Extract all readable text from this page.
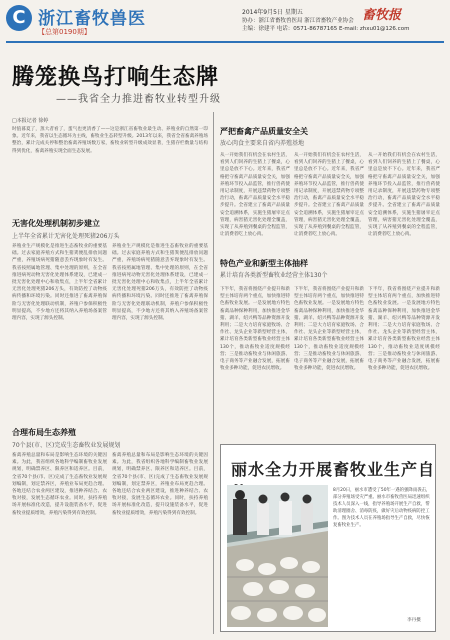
C 浙江畜牧兽医
【总第0190期】
2014年9月5日 星期五	畜牧报
协办：浙江省畜牧兽医局 浙江省畜牧产业协会
主编：徐建平 电话：0571-86787165 E-mail: zhxu01@126.com
腾笼换鸟打响生态牌
——我省全力推进畜牧业转型升级
□本报记者 徐婷
时值暮夏了，蒸大者看了，蛋气也更清香了——这是浙江省畜牧业最生动、养殖业的自然第一印象。近年来，我省以生态循环为主线，畜牧业生态转型升级。2013年以来，我省全省畜禽养殖场整治，累计完成关停和整治畜禽养殖场数万家，畜牧业转型升级成效显著，生猪存栏数量与结构得到优化，畜禽养殖实现全面生态发展。
无害化处理机制初步建立
上半年全省累计无害化处理死猪206万头
养殖业生产规模化是推进生态畜牧业的重要基础。过去家庭养殖方式和生猪粪便乱排放问题严重，养殖场病死猪随意丢弃现象时有发生。我省按照属地管理、集中处理的原则，在全省推进病死动物无害化处理体系建设，已建成一批无害化处理中心和收集点，上半年全省累计无害化处理死猪206万头，有效防控了动物疫病传播和环境污染。同时还推进了畜禽养殖保险与无害化处理联动机制，养殖户参保积极性明显提高，不少地方还将其纳入养殖场备案管理内容，实现了源头控制。
养殖业生产规模化是推进生态畜牧业的重要基础。过去家庭养殖方式和生猪粪便乱排放问题严重，养殖场病死猪随意丢弃现象时有发生。我省按照属地管理、集中处理的原则，在全省推进病死动物无害化处理体系建设，已建成一批无害化处理中心和收集点，上半年全省累计无害化处理死猪206万头，有效防控了动物疫病传播和环境污染。同时还推进了畜禽养殖保险与无害化处理联动机制，养殖户参保积极性明显提高，不少地方还将其纳入养殖场备案管理内容，实现了源头控制。
合理布局生态养殖
70个县(市、区)完成生态畜牧业发展规划
畜禽养殖总量和布局是影响生态环境的关键因素。为此，我省组织各地科学编制畜牧业发展规划，明确禁养区、限养区和适养区。目前，全省70个县(市、区)完成了生态畜牧业发展规划编制，划定禁养区，养殖业布局更趋合理。各地还结合农业两区建设，推进种养结合、农牧对接，发展生态循环农业。同时，扶持养殖场开展标准化改造，提升设施装备水平，促进畜牧业提质增效，养殖污染得到有效控制。
畜禽养殖总量和布局是影响生态环境的关键因素。为此，我省组织各地科学编制畜牧业发展规划，明确禁养区、限养区和适养区。目前，全省70个县(市、区)完成了生态畜牧业发展规划编制，划定禁养区，养殖业布局更趋合理。各地还结合农业两区建设，推进种养结合、农牧对接，发展生态循环农业。同时，扶持养殖场开展标准化改造，提升设施装备水平，促进畜牧业提质增效，养殖污染得到有效控制。
严把畜禽产品质量安全关
放心肉食主要来自省内养殖基地
从一开始我们有机会在农村生活，看到人们饲养的生猪上了餐桌，心里总是放不下心。近年来，我省严格把守畜禽产品质量安全关，加强养殖环节投入品监管，推行兽药使用记录制度，开展违禁药物专项整治行动，畜禽产品质量安全水平稳步提升。全省建立了畜禽产品质量安全追溯体系，实施生猪屠宰定点管理，病害猪无害化处理全覆盖，实现了从养殖到餐桌的全程监管，让消费者吃上放心肉。
从一开始我们有机会在农村生活，看到人们饲养的生猪上了餐桌，心里总是放不下心。近年来，我省严格把守畜禽产品质量安全关，加强养殖环节投入品监管，推行兽药使用记录制度，开展违禁药物专项整治行动，畜禽产品质量安全水平稳步提升。全省建立了畜禽产品质量安全追溯体系，实施生猪屠宰定点管理，病害猪无害化处理全覆盖，实现了从养殖到餐桌的全程监管，让消费者吃上放心肉。
从一开始我们有机会在农村生活，看到人们饲养的生猪上了餐桌，心里总是放不下心。近年来，我省严格把守畜禽产品质量安全关，加强养殖环节投入品监管，推行兽药使用记录制度，开展违禁药物专项整治行动，畜禽产品质量安全水平稳步提升。全省建立了畜禽产品质量安全追溯体系，实施生猪屠宰定点管理，病害猪无害化处理全覆盖，实现了从养殖到餐桌的全程监管，让消费者吃上放心肉。
特色产业和新型主体抽样
累计培育各类新型畜牧业经营主体130个
下半年，我省将围绕产业提升和新型主体培育两个重点，加快推进特色畜牧业发展。一是发展地方特色畜禽品种保种利用，加快推进金华猪、湖羊、绍兴鸭等品种资源开发利用；二是大力培育家庭牧场、合作社、龙头企业等新型经营主体，累计培育各类新型畜牧业经营主体130个，推动畜牧业适度规模经营；三是推动畜牧业与休闲旅游、电子商务等产业融合发展，拓展畜牧业多种功能，促进农民增收。
下半年，我省将围绕产业提升和新型主体培育两个重点，加快推进特色畜牧业发展。一是发展地方特色畜禽品种保种利用，加快推进金华猪、湖羊、绍兴鸭等品种资源开发利用；二是大力培育家庭牧场、合作社、龙头企业等新型经营主体，累计培育各类新型畜牧业经营主体130个，推动畜牧业适度规模经营；三是推动畜牧业与休闲旅游、电子商务等产业融合发展，拓展畜牧业多种功能，促进农民增收。
下半年，我省将围绕产业提升和新型主体培育两个重点，加快推进特色畜牧业发展。一是发展地方特色畜禽品种保种利用，加快推进金华猪、湖羊、绍兴鸭等品种资源开发利用；二是大力培育家庭牧场、合作社、龙头企业等新型经营主体，累计培育各类新型畜牧业经营主体130个，推动畜牧业适度规模经营；三是推动畜牧业与休闲旅游、电子商务等产业融合发展，拓展畜牧业多种功能，促进农民增收。
丽水全力开展畜牧业生产自
8月20日，丽水市遭受了50年一遇的强降雨袭击，部分养殖场受灾严重。丽水市畜牧兽医局迅速组织技术人员深入一线，指导养殖场开展生产自救，帮助清理圈舍、消毒防疫，做好灾后动物疫病防控工作。图为技术人员在养殖场指导生产自救，尽快恢复畜牧业生产。
李丹摄
